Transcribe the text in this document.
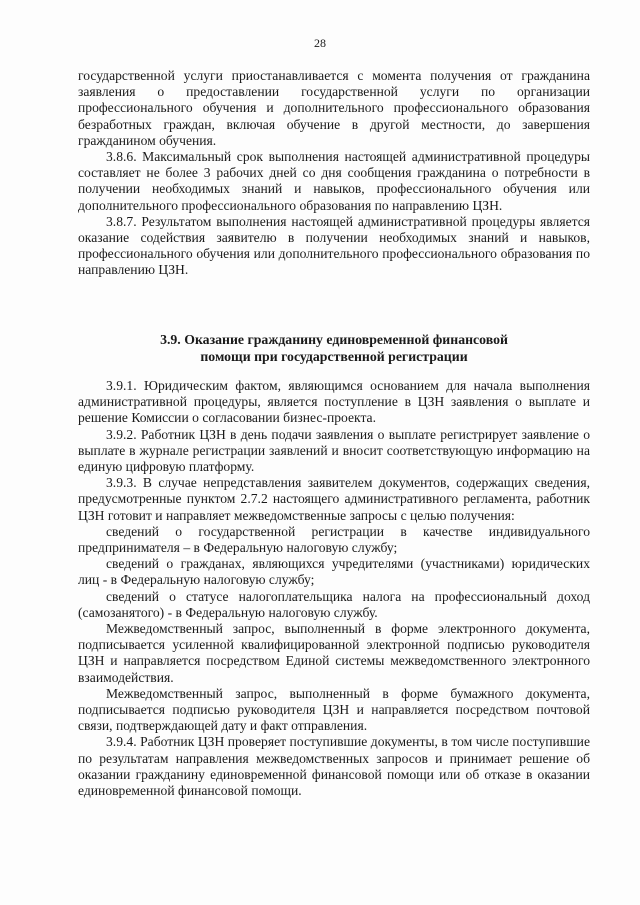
28

государственной услуги приостанавливается с момента получения от гражданина заявления о предоставлении государственной услуги по организации профессионального обучения и дополнительного профессионального образования безработных граждан, включая обучение в другой местности, до завершения гражданином обучения.

3.8.6. Максимальный срок выполнения настоящей административной процедуры составляет не более 3 рабочих дней со дня сообщения гражданина о потребности в получении необходимых знаний и навыков, профессионального обучения или дополнительного профессионального образования по направлению ЦЗН.

3.8.7. Результатом выполнения настоящей административной процедуры является оказание содействия заявителю в получении необходимых знаний и навыков, профессионального обучения или дополнительного профессионального образования по направлению ЦЗН.

3.9. Оказание гражданину единовременной финансовой
помощи при государственной регистрации

3.9.1. Юридическим фактом, являющимся основанием для начала выполнения административной процедуры, является поступление в ЦЗН заявления о выплате и решение Комиссии о согласовании бизнес-проекта.

3.9.2. Работник ЦЗН в день подачи заявления о выплате регистрирует заявление о выплате в журнале регистрации заявлений и вносит соответствующую информацию на единую цифровую платформу.

3.9.3. В случае непредставления заявителем документов, содержащих сведения, предусмотренные пунктом 2.7.2 настоящего административного регламента, работник ЦЗН готовит и направляет межведомственные запросы с целью получения:

сведений о государственной регистрации в качестве индивидуального предпринимателя – в Федеральную налоговую службу;

сведений о гражданах, являющихся учредителями (участниками) юридических лиц - в Федеральную налоговую службу;

сведений о статусе налогоплательщика налога на профессиональный доход (самозанятого) - в Федеральную налоговую службу.

Межведомственный запрос, выполненный в форме электронного документа, подписывается усиленной квалифицированной электронной подписью руководителя ЦЗН и направляется посредством Единой системы межведомственного электронного взаимодействия.

Межведомственный запрос, выполненный в форме бумажного документа, подписывается подписью руководителя ЦЗН и направляется посредством почтовой связи, подтверждающей дату и факт отправления.

3.9.4. Работник ЦЗН проверяет поступившие документы, в том числе поступившие по результатам направления межведомственных запросов и принимает решение об оказании гражданину единовременной финансовой помощи или об отказе в оказании единовременной финансовой помощи.
